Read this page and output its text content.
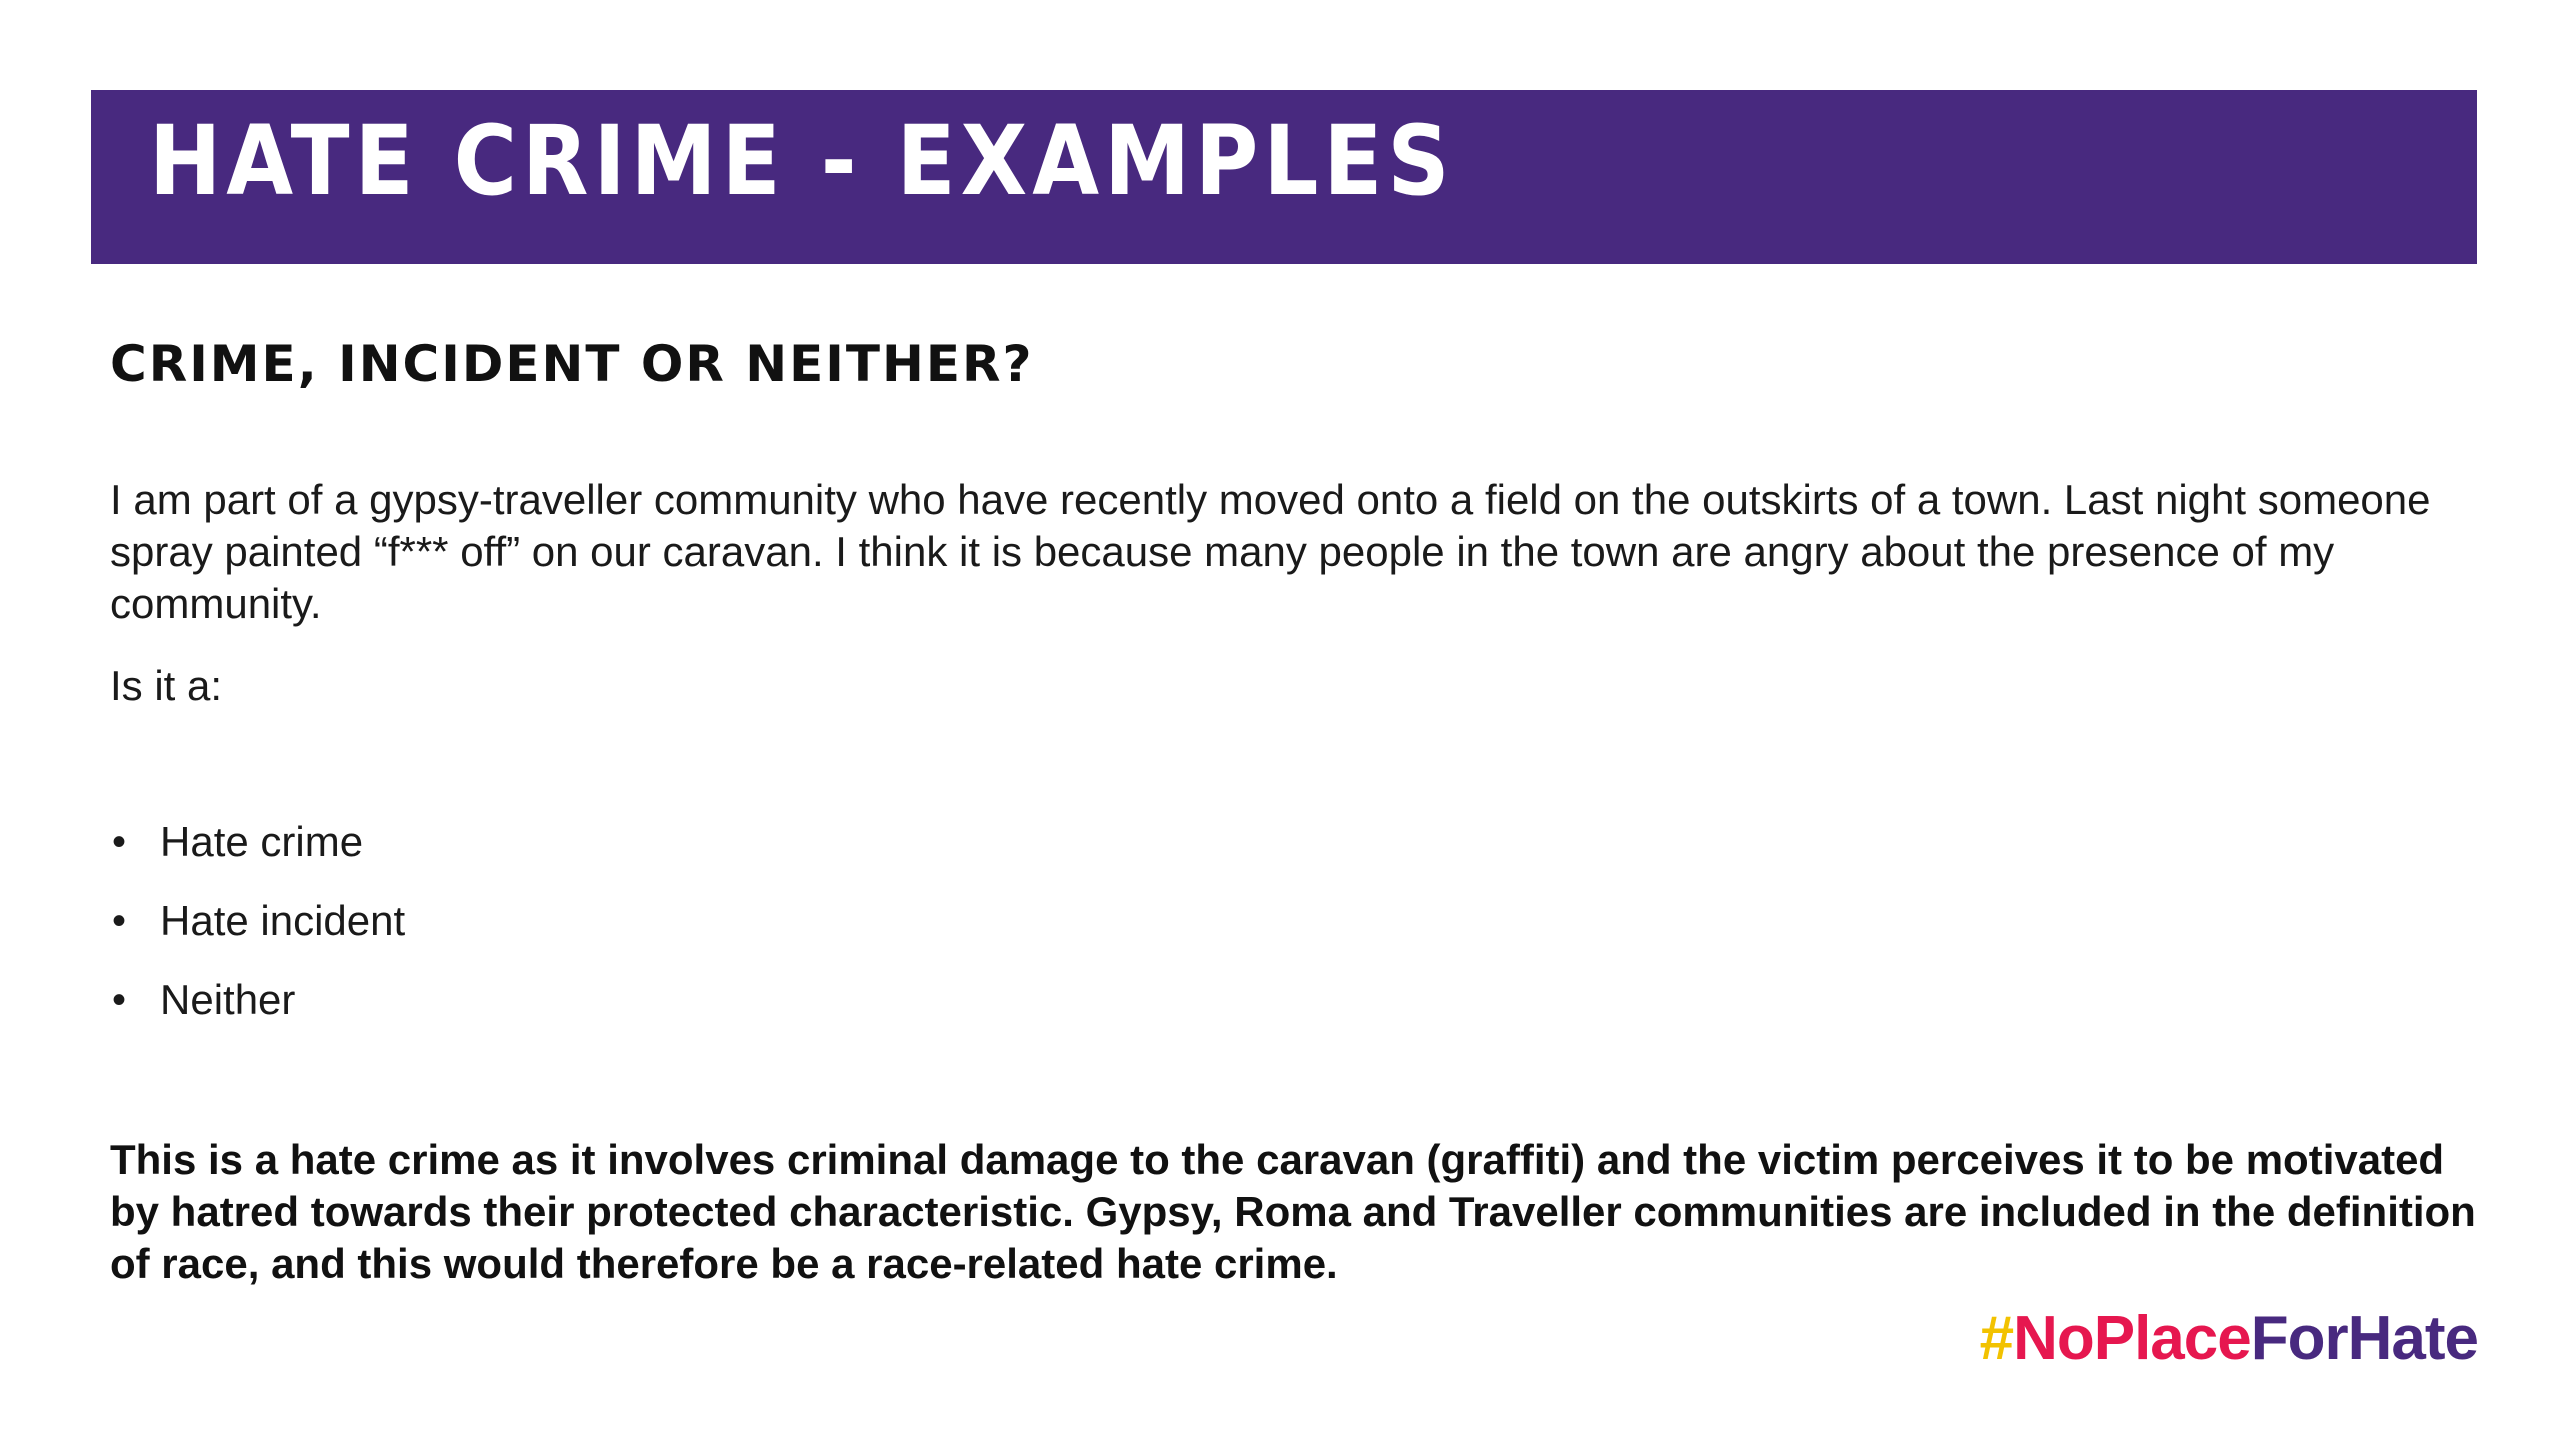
HATE CRIME - EXAMPLES
CRIME, INCIDENT OR NEITHER?

I am part of a gypsy-traveller community who have recently moved onto a field on the outskirts of a town. Last night someone spray painted “f*** off” on our caravan. I think it is because many people in the town are angry about the presence of my community.

Is it a:

• Hate crime
• Hate incident
• Neither

This is a hate crime as it involves criminal damage to the caravan (graffiti) and the victim perceives it to be motivated by hatred towards their protected characteristic. Gypsy, Roma and Traveller communities are included in the definition of race, and this would therefore be a race-related hate crime.

#NoPlaceForHate
